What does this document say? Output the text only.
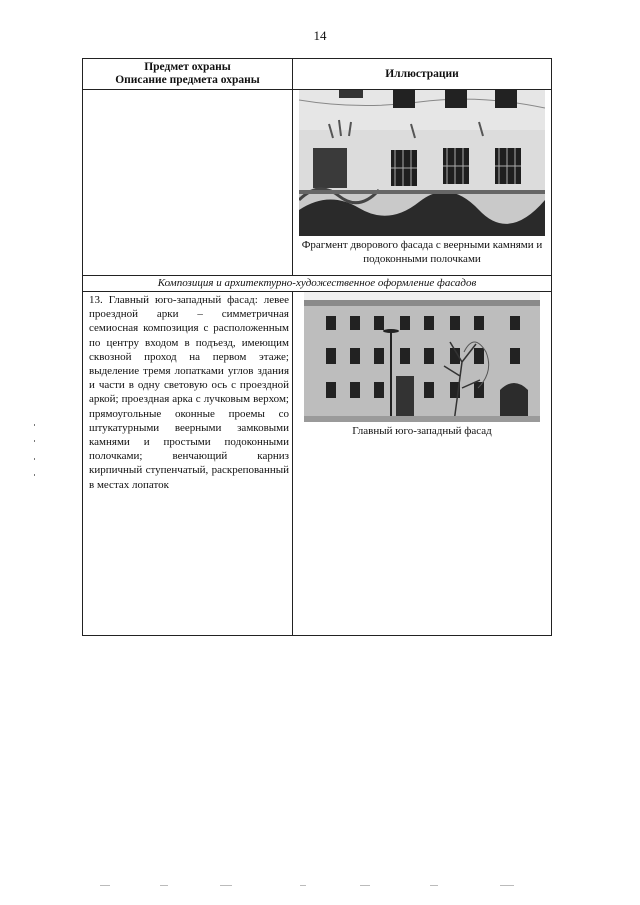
14
Предмет охраны
Описание предмета охраны	Иллюстрации

	Фрагмент дворового фасада с веерными камнями и подоконными полочками

Композиция и архитектурно-художественное оформление фасадов	

13. Главный юго-западный фасад: левее проездной арки – симметричная семиосная композиция с расположенным по центру входом в подъезд, имеющим сквозной проход на первом этаже; выделение тремя лопатками углов здания и части в одну световую ось с проездной аркой; проездная арка с лучковым верхом; прямоугольные оконные проемы со штукатурными веерными замковыми камнями и простыми подоконными полочками; венчающий карниз кирпичный ступенчатый, раскрепованный в местах лопаток	Главный юго-западный фасад
